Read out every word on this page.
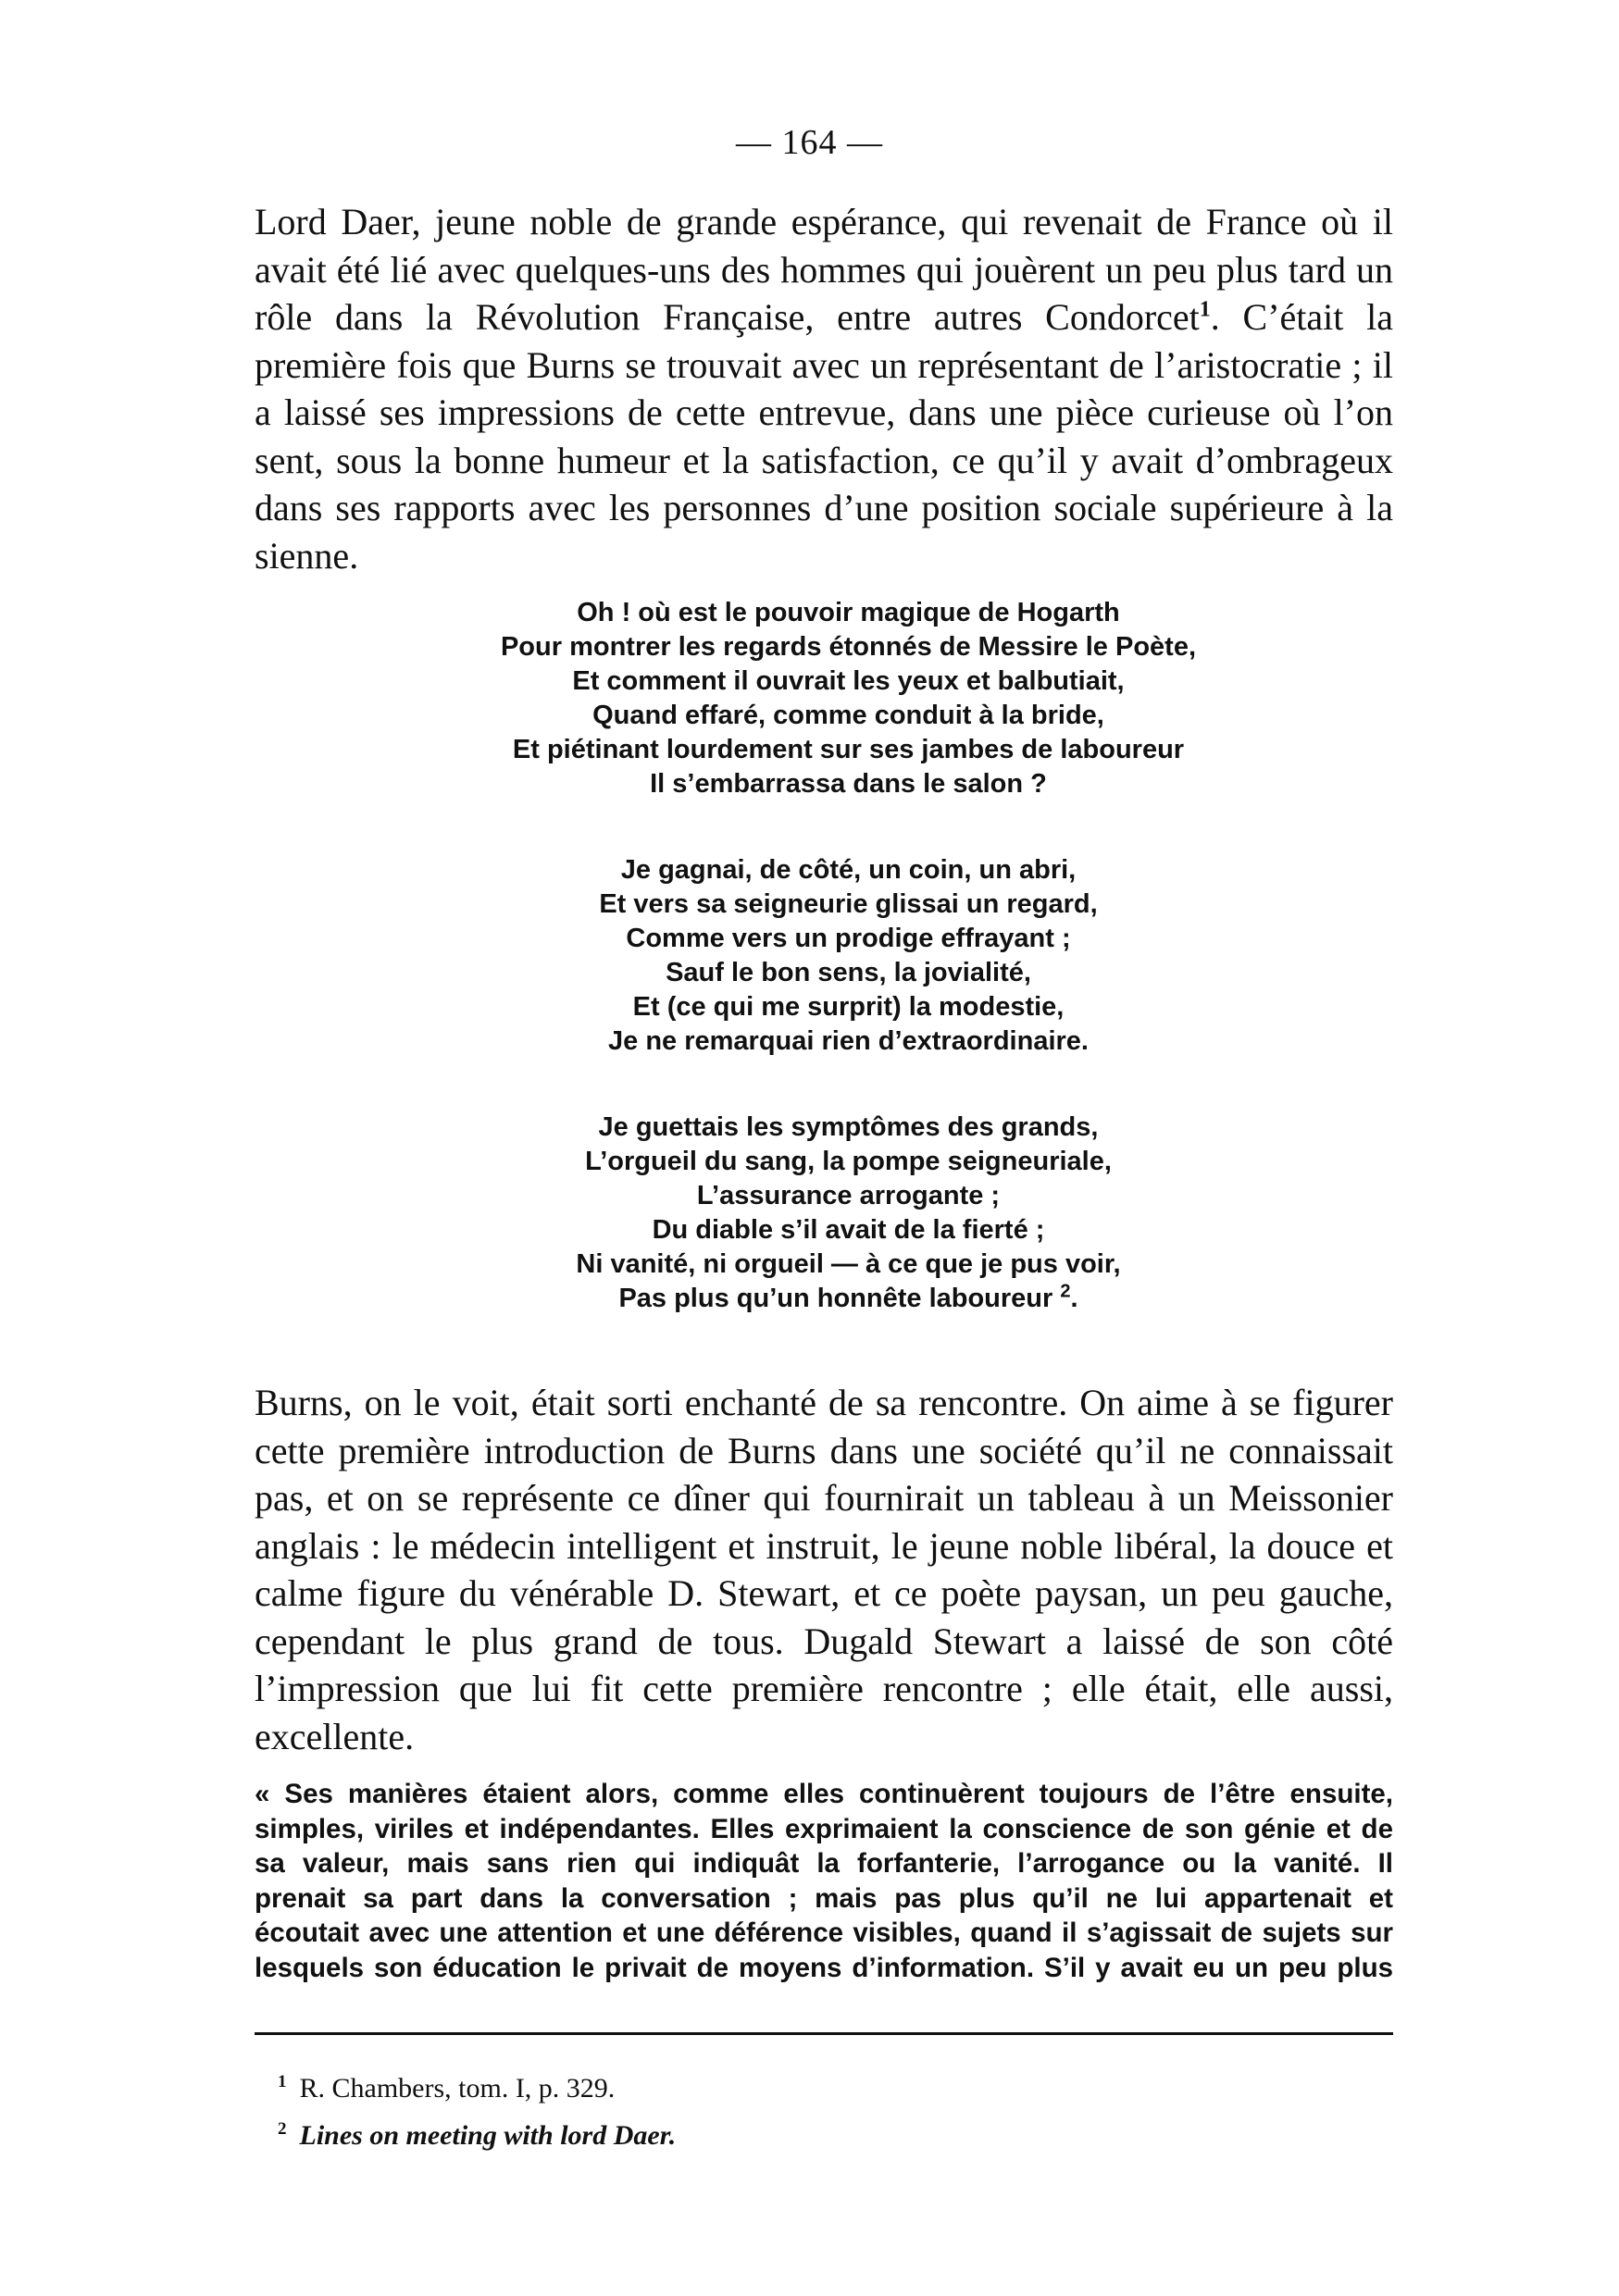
— 164 —

Lord Daer, jeune noble de grande espérance, qui revenait de France où il avait été lié avec quelques-uns des hommes qui jouèrent un peu plus tard un rôle dans la Révolution Française, entre autres Condorcet$^1$. C’était la première fois que Burns se trouvait avec un représentant de l’aristocratie ; il a laissé ses impressions de cette entrevue, dans une pièce curieuse où l’on sent, sous la bonne humeur et la satisfaction, ce qu’il y avait d’ombrageux dans ses rapports avec les personnes d’une position sociale supérieure à la sienne.

Oh ! où est le pouvoir magique de Hogarth
Pour montrer les regards étonnés de Messire le Poète,
Et comment il ouvrait les yeux et balbutiait,
Quand effaré, comme conduit à la bride,
Et piétinant lourdement sur ses jambes de laboureur
Il s’embarrassa dans le salon ?
Je gagnai, de côté, un coin, un abri,
Et vers sa seigneurie glissai un regard,
Comme vers un prodige effrayant ;
Sauf le bon sens, la jovialité,
Et (ce qui me surprit) la modestie,
Je ne remarquai rien d’extraordinaire.
Je guettais les symptômes des grands,
L’orgueil du sang, la pompe seigneuriale,
L’assurance arrogante ;
Du diable s’il avait de la fierté ;
Ni vanité, ni orgueil — à ce que je pus voir,
Pas plus qu’un honnête laboureur $^2$.

Burns, on le voit, était sorti enchanté de sa rencontre. On aime à se figurer cette première introduction de Burns dans une société qu’il ne connaissait pas, et on se représente ce dîner qui fournirait un tableau à un Meissonier anglais : le médecin intelligent et instruit, le jeune noble libéral, la douce et calme figure du vénérable D. Stewart, et ce poète paysan, un peu gauche, cependant le plus grand de tous. Dugald Stewart a laissé de son côté l’impression que lui fit cette première rencontre ; elle était, elle aussi, excellente.

« Ses manières étaient alors, comme elles continuèrent toujours de l’être ensuite,
simples, viriles et indépendantes. Elles exprimaient la conscience de son génie et de
sa valeur, mais sans rien qui indiquât la forfanterie, l’arrogance ou la vanité. Il
prenait sa part dans la conversation ; mais pas plus qu’il ne lui appartenait et
écoutait avec une attention et une déférence visibles, quand il s’agissait de sujets sur
lesquels son éducation le privait de moyens d’information. S’il y avait eu un peu plus
$^1$ R. Chambers, tom. I, p. 329.
$^2$ Lines on meeting with lord Daer.
